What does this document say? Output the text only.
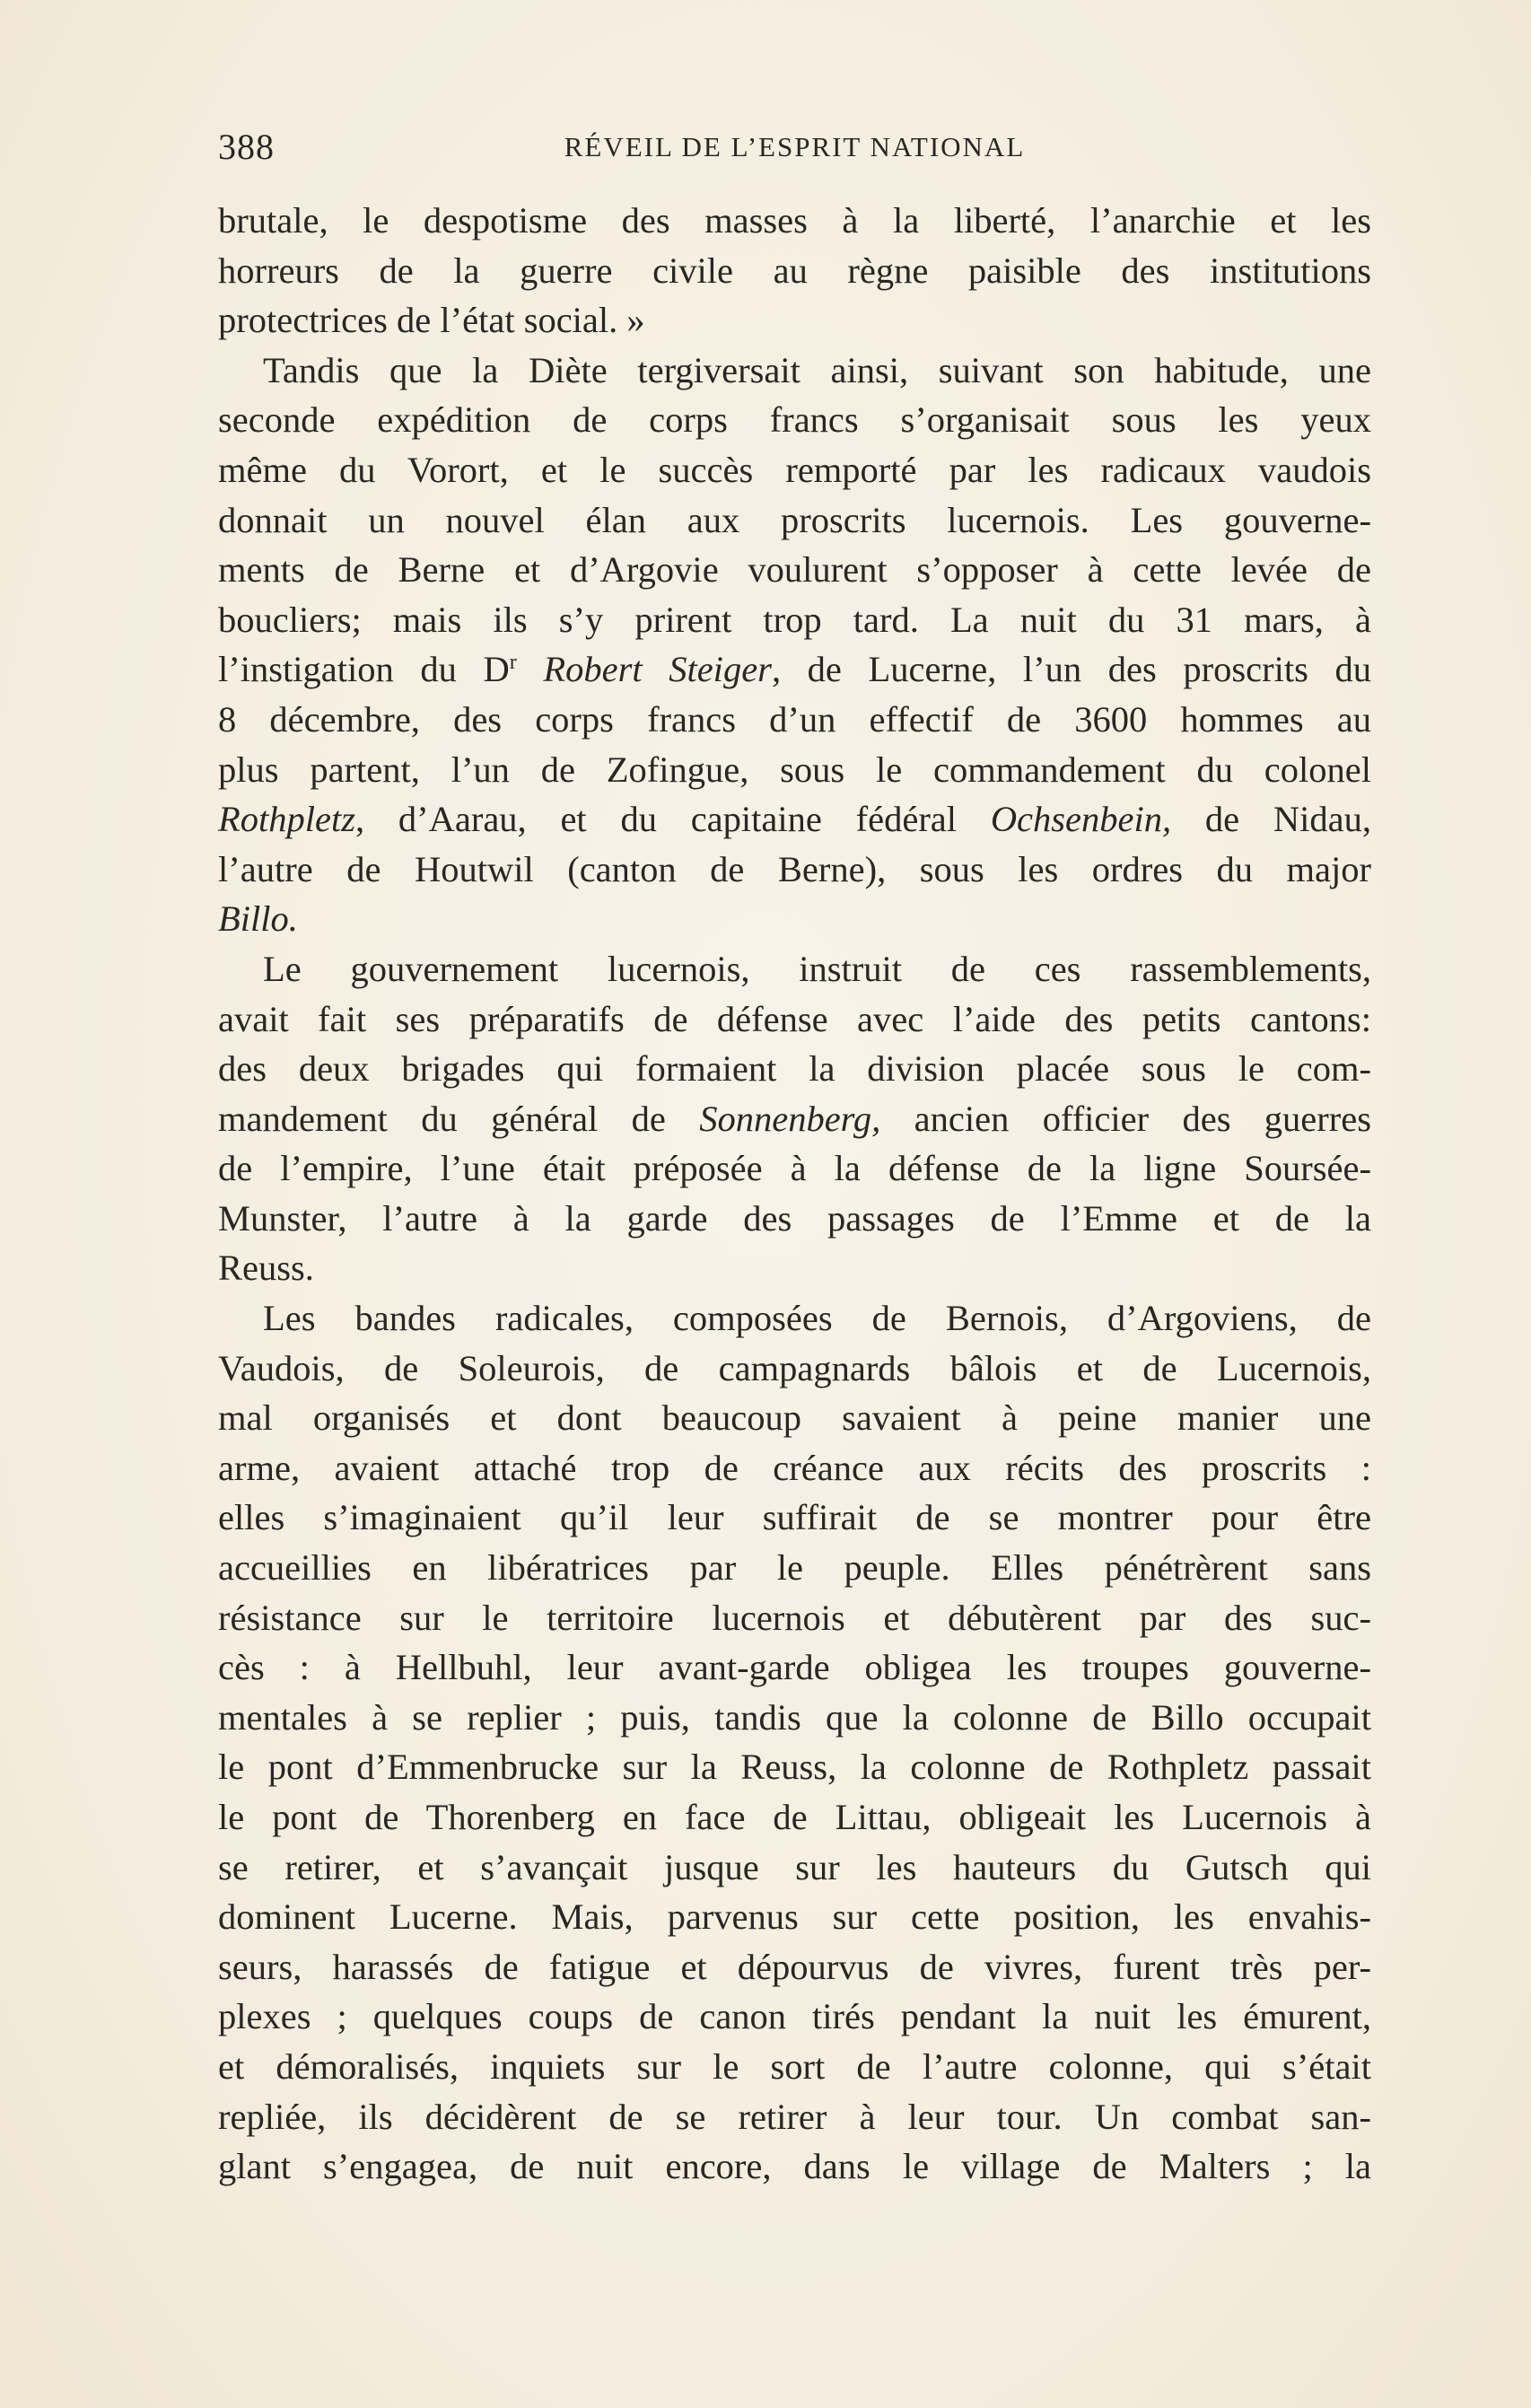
388	RÉVEIL DE L’ESPRIT NATIONAL
brutale, le despotisme des masses à la liberté, l’anarchie et les
horreurs de la guerre civile au règne paisible des institutions
protectrices de l’état social. »
Tandis que la Diète tergiversait ainsi, suivant son habitude, une
seconde expédition de corps francs s’organisait sous les yeux
même du Vorort, et le succès remporté par les radicaux vaudois
donnait un nouvel élan aux proscrits lucernois. Les gouverne-
ments de Berne et d’Argovie voulurent s’opposer à cette levée de
boucliers; mais ils s’y prirent trop tard. La nuit du 31 mars, à
l’instigation du $D^r$ Robert Steiger, de Lucerne, l’un des proscrits du
8 décembre, des corps francs d’un effectif de 3600 hommes au
plus partent, l’un de Zofingue, sous le commandement du colonel
Rothpletz, d’Aarau, et du capitaine fédéral Ochsenbein, de Nidau,
l’autre de Houtwil (canton de Berne), sous les ordres du major
Billo.
Le gouvernement lucernois, instruit de ces rassemblements,
avait fait ses préparatifs de défense avec l’aide des petits cantons:
des deux brigades qui formaient la division placée sous le com-
mandement du général de Sonnenberg, ancien officier des guerres
de l’empire, l’une était préposée à la défense de la ligne Soursée-
Munster, l’autre à la garde des passages de l’Emme et de la
Reuss.
Les bandes radicales, composées de Bernois, d’Argoviens, de
Vaudois, de Soleurois, de campagnards bâlois et de Lucernois,
mal organisés et dont beaucoup savaient à peine manier une
arme, avaient attaché trop de créance aux récits des proscrits :
elles s’imaginaient qu’il leur suffirait de se montrer pour être
accueillies en libératrices par le peuple. Elles pénétrèrent sans
résistance sur le territoire lucernois et débutèrent par des suc-
cès : à Hellbuhl, leur avant-garde obligea les troupes gouverne-
mentales à se replier ; puis, tandis que la colonne de Billo occupait
le pont d’Emmenbrucke sur la Reuss, la colonne de Rothpletz passait
le pont de Thorenberg en face de Littau, obligeait les Lucernois à
se retirer, et s’avançait jusque sur les hauteurs du Gutsch qui
dominent Lucerne. Mais, parvenus sur cette position, les envahis-
seurs, harassés de fatigue et dépourvus de vivres, furent très per-
plexes ; quelques coups de canon tirés pendant la nuit les émurent,
et démoralisés, inquiets sur le sort de l’autre colonne, qui s’était
repliée, ils décidèrent de se retirer à leur tour. Un combat san-
glant s’engagea, de nuit encore, dans le village de Malters ; la
